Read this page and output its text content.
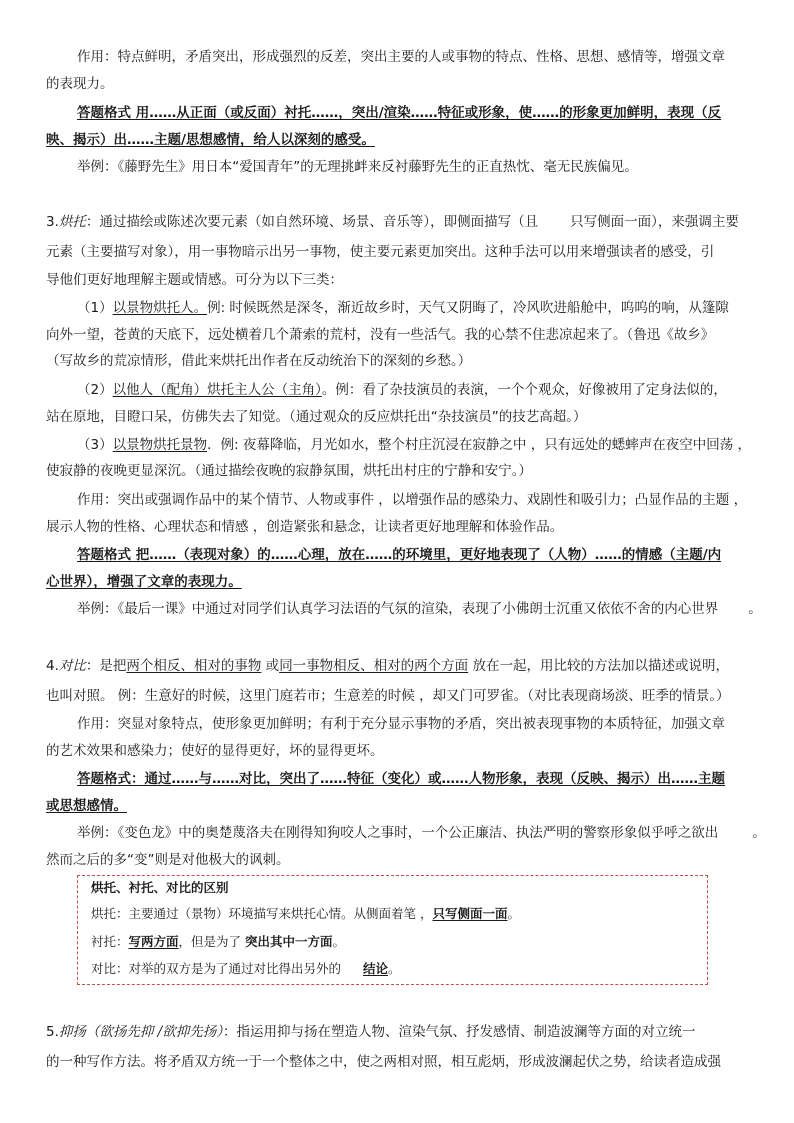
作用：特点鲜明，矛盾突出，形成强烈的反差，突出主要的人或事物的特点、性格、思想、感情等，增强文章
的表现力。
答题格式 用……从正面（或反面）衬托……，突出/渲染……特征或形象，使……的形象更加鲜明，表现（反
映、揭示）出……主题/思想感情，给人以深刻的感受。
举例：《藤野先生》用日本“爱国青年”的无理挑衅来反衬藤野先生的正直热忱、毫无民族偏见。
3.烘托：通过描绘或陈述次要元素（如自然环境、场景、音乐等），即侧面描写（且 只写侧面一面），来强调主要
元素（主要描写对象），用一事物暗示出另一事物，使主要元素更加突出。这种手法可以用来增强读者的感受，引
导他们更好地理解主题或情感。可分为以下三类：
（1）以景物烘托人。例: 时候既然是深冬，渐近故乡时，天气又阴晦了，冷风吹进船舱中，呜呜的响，从篷隙
向外一望，苍黄的天底下，远处横着几个萧索的荒村，没有一些活气。我的心禁不住悲凉起来了。（鲁迅《故乡》
（写故乡的荒凉情形，借此来烘托出作者在反动统治下的深刻的乡愁。）
（2）以他人（配角）烘托主人公（主角）。例：看了杂技演员的表演，一个个观众，好像被用了定身法似的，
站在原地，目瞪口呆，仿佛失去了知觉。（通过观众的反应烘托出“杂技演员”的技艺高超。）
（3）以景物烘托景物．例: 夜幕降临，月光如水，整个村庄沉浸在寂静之中 ，只有远处的蟋蟀声在夜空中回荡 ，
使寂静的夜晚更显深沉。（通过描绘夜晚的寂静氛围，烘托出村庄的宁静和安宁。）
作用：突出或强调作品中的某个情节、人物或事件 ，以增强作品的感染力、戏剧性和吸引力；凸显作品的主题 ，
展示人物的性格、心理状态和情感 ，创造紧张和悬念，让读者更好地理解和体验作品。
答题格式 把……（表现对象）的……心理，放在……的环境里，更好地表现了（人物）……的情感（主题/内
心世界），增强了文章的表现力。
举例：《最后一课》中通过对同学们认真学习法语的气氛的渲染，表现了小佛朗士沉重又依依不舍的内心世界 。
4.对比：是把两个相反、相对的事物 或同一事物相反、相对的两个方面 放在一起，用比较的方法加以描述或说明，
也叫对照。 例：生意好的时候，这里门庭若市；生意差的时候 ，却又门可罗雀。（对比表现商场淡、旺季的情景。）
作用：突显对象特点，使形象更加鲜明；有利于充分显示事物的矛盾，突出被表现事物的本质特征，加强文章
的艺术效果和感染力；使好的显得更好，坏的显得更坏。
答题格式：通过……与……对比，突出了……特征（变化）或……人物形象，表现（反映、揭示）出……主题
或思想感情。
举例：《变色龙》中的奥楚蔑洛夫在刚得知狗咬人之事时，一个公正廉洁、执法严明的警察形象似乎呼之欲出	。
然而之后的多“变”则是对他极大的讽刺。
烘托、衬托、对比的区别
烘托：主要通过（景物）环境描写来烘托心情。从侧面着笔 ，只写侧面一面。
衬托：写两方面，但是为了 突出其中一方面。
对比：对举的双方是为了通过对比得出另外的 结论。
5.抑扬（欲扬先抑 /欲抑先扬）：指运用抑与扬在塑造人物、渲染气氛、抒发感情、制造波澜等方面的对立统一
的一种写作方法。将矛盾双方统一于一个整体之中，使之两相对照，相互彪炳，形成波澜起伏之势，给读者造成强
